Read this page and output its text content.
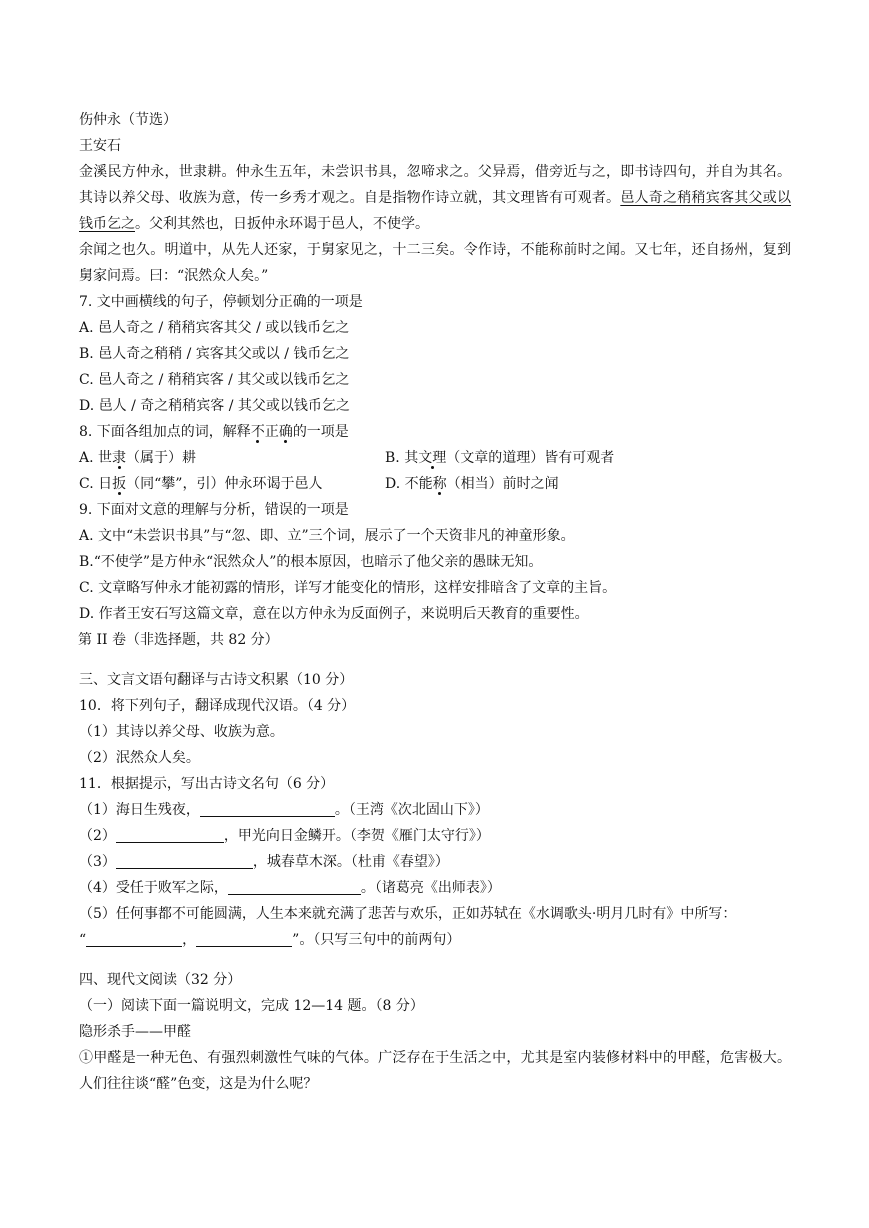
伤仲永（节选）
王安石
金溪民方仲永，世隶耕。仲永生五年，未尝识书具，忽啼求之。父异焉，借旁近与之，即书诗四句，并自为其名。其诗以养父母、收族为意，传一乡秀才观之。自是指物作诗立就，其文理皆有可观者。邑人奇之稍稍宾客其父或以钱币乞之。父利其然也，日扳仲永环谒于邑人，不使学。
余闻之也久。明道中，从先人还家，于舅家见之，十二三矣。令作诗，不能称前时之闻。又七年，还自扬州，复到舅家问焉。曰：“泯然众人矣。”
7. 文中画横线的句子，停顿划分正确的一项是
A. 邑人奇之 / 稍稍宾客其父 / 或以钱币乞之
B. 邑人奇之稍稍 / 宾客其父或以 / 钱币乞之
C. 邑人奇之 / 稍稍宾客 / 其父或以钱币乞之
D. 邑人 / 奇之稍稍宾客 / 其父或以钱币乞之
8. 下面各组加点的词，解释不正确的一项是
A. 世隶（属于）耕	B. 其文理（文章的道理）皆有可观者
C. 日扳（同“攀”，引）仲永环谒于邑人	D. 不能称（相当）前时之闻
9. 下面对文意的理解与分析，错误的一项是
A. 文中“未尝识书具”与“忽、即、立”三个词，展示了一个天资非凡的神童形象。
B.“不使学”是方仲永“泯然众人”的根本原因，也暗示了他父亲的愚昧无知。
C. 文章略写仲永才能初露的情形，详写才能变化的情形，这样安排暗含了文章的主旨。
D. 作者王安石写这篇文章，意在以方仲永为反面例子，来说明后天教育的重要性。
第 II 卷（非选择题，共 82 分）
三、文言文语句翻译与古诗文积累（10 分）
10．将下列句子，翻译成现代汉语。（4 分）
（1）其诗以养父母、收族为意。
（2）泯然众人矣。
11．根据提示，写出古诗文名句（6 分）
（1）海日生残夜，	。（王湾《次北固山下》）
（2）	，甲光向日金鳞开。（李贺《雁门太守行》）
（3）	，城春草木深。（杜甫《春望》）
（4）受任于败军之际，	。（诸葛亮《出师表》）
（5）任何事都不可能圆满，人生本来就充满了悲苦与欢乐，正如苏轼在《水调歌头·明月几时有》中所写：
“	，	”。（只写三句中的前两句）
四、现代文阅读（32 分）
（一）阅读下面一篇说明文，完成 12—14 题。（8 分）
隐形杀手——甲醛
①甲醛是一种无色、有强烈刺激性气味的气体。广泛存在于生活之中，尤其是室内装修材料中的甲醛，危害极大。人们往往谈“醛”色变，这是为什么呢？
